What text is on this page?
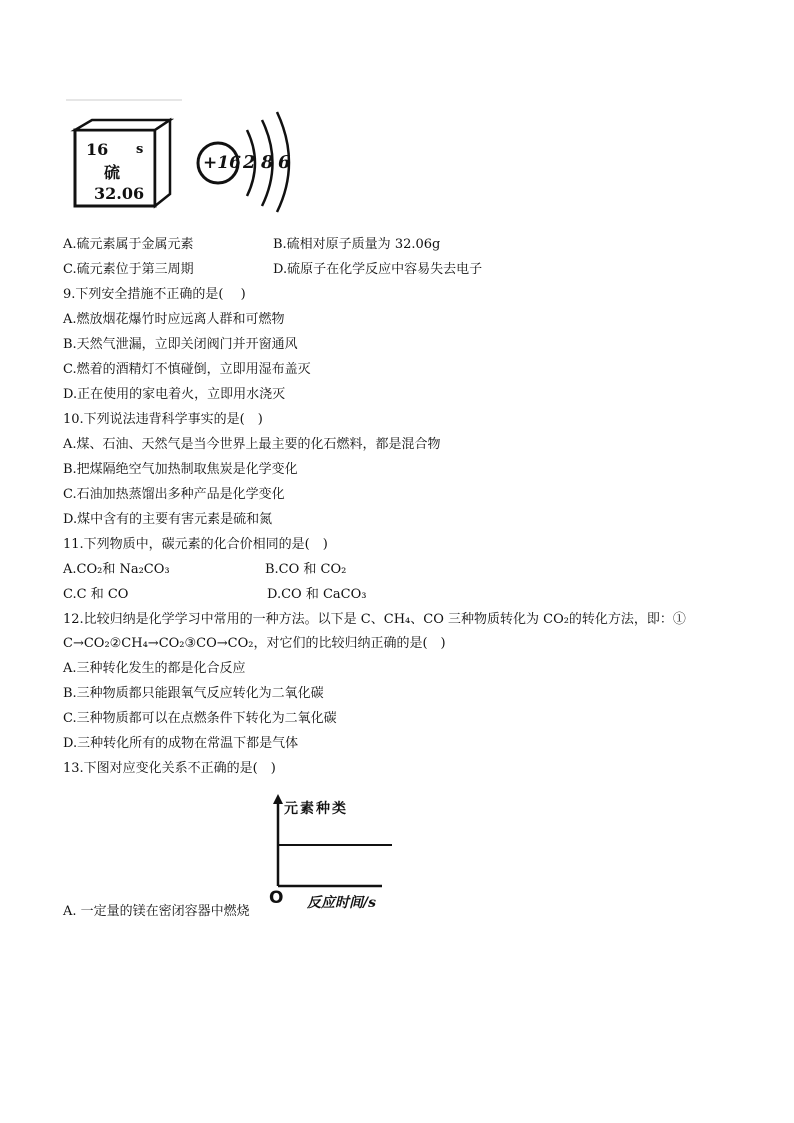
16 s
硫
32.06
+16 2 8 6
A.硫元素属于金属元素	B.硫相对原子质量为 32.06g
C.硫元素位于第三周期	D.硫原子在化学反应中容易失去电子
9.下列安全措施不正确的是(　 )
A.燃放烟花爆竹时应远离人群和可燃物
B.天然气泄漏，立即关闭阀门并开窗通风
C.燃着的酒精灯不慎碰倒，立即用湿布盖灭
D.正在使用的家电着火，立即用水浇灭
10.下列说法违背科学事实的是(　)
A.煤、石油、天然气是当今世界上最主要的化石燃料，都是混合物
B.把煤隔绝空气加热制取焦炭是化学变化
C.石油加热蒸馏出多种产品是化学变化
D.煤中含有的主要有害元素是硫和氮
11.下列物质中，碳元素的化合价相同的是(　)
A.CO₂和 Na₂CO₃	B.CO 和 CO₂
C.C 和 CO	D.CO 和 CaCO₃
12.比较归纳是化学学习中常用的一种方法。以下是 C、CH₄、CO 三种物质转化为 CO₂的转化方法，即：①
C→CO₂②CH₄→CO₂③CO→CO₂，对它们的比较归纳正确的是(　)
A.三种转化发生的都是化合反应
B.三种物质都只能跟氧气反应转化为二氧化碳
C.三种物质都可以在点燃条件下转化为二氧化碳
D.三种转化所有的成物在常温下都是气体
13.下图对应变化关系不正确的是(　)
元素种类
O 反应时间/s
A. 一定量的镁在密闭容器中燃烧
